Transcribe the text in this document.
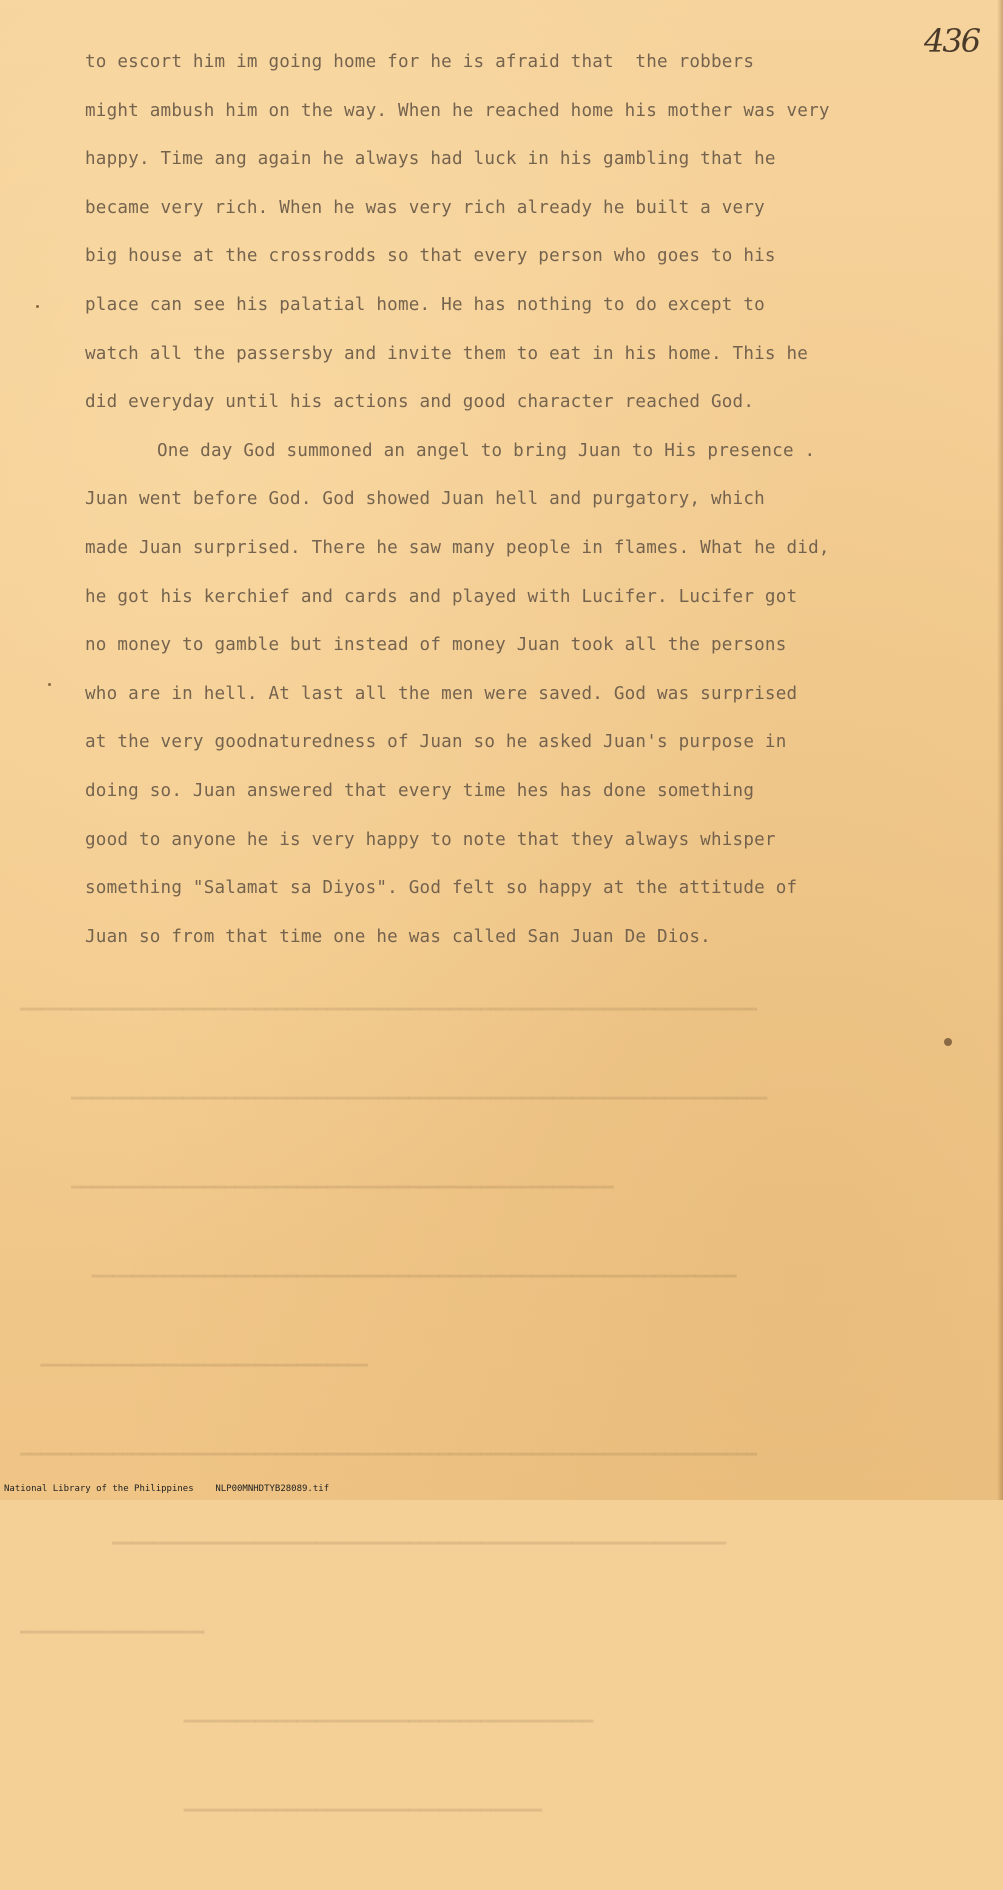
436
to escort him im going home for he is afraid that  the robbers
might ambush him on the way. When he reached home his mother was very
happy. Time ang again he always had luck in his gambling that he
became very rich. When he was very rich already he built a very
big house at the crossrodds so that every person who goes to his
place can see his palatial home. He has nothing to do except to
watch all the passersby and invite them to eat in his home. This he
did everyday until his actions and good character reached God.
One day God summoned an angel to bring Juan to His presence .
Juan went before God. God showed Juan hell and purgatory, which
made Juan surprised. There he saw many people in flames. What he did,
he got his kerchief and cards and played with Lucifer. Lucifer got
no money to gamble but instead of money Juan took all the persons
who are in hell. At last all the men were saved. God was surprised
at the very goodnaturedness of Juan so he asked Juan's purpose in
doing so. Juan answered that every time hes has done something
good to anyone he is very happy to note that they always whisper
something "Salamat sa Diyos". God felt so happy at the attitude of
Juan so from that time one he was called San Juan De Dios.

━━━━━━━━━━━━━━━━━━━━━━━━━━━━━━━━━━━━━━━━━━━━━━━━━━━━━━━━━━━━━━━━━━━━━━━━

━━━━━━━━━━━━━━━━━━━━━━━━━━━━━━━━━━━━━━━━━━━━━━━━━━━━━━━━━━━━━━━━━━━━

━━━━━━━━━━━━━━━━━━━━━━━━━━━━━━━━━━━━━━━━━━━━━━━━━━━━━

━━━━━━━━━━━━━━━━━━━━━━━━━━━━━━━━━━━━━━━━━━━━━━━━━━━━━━━━━━━━━━━

━━━━━━━━━━━━━━━━━━━━━━━━━━━━━━━━

━━━━━━━━━━━━━━━━━━━━━━━━━━━━━━━━━━━━━━━━━━━━━━━━━━━━━━━━━━━━━━━━━━━━━━━━

━━━━━━━━━━━━━━━━━━━━━━━━━━━━━━━━━━━━━━━━━━━━━━━━━━━━━━━━━━━━

━━━━━━━━━━━━━━━━━━

━━━━━━━━━━━━━━━━━━━━━━━━━━━━━━━━━━━━━━━━

━━━━━━━━━━━━━━━━━━━━━━━━━━━━━━━━━━━

National Library of the Philippines    NLP00MNHDTYB28089.tif
